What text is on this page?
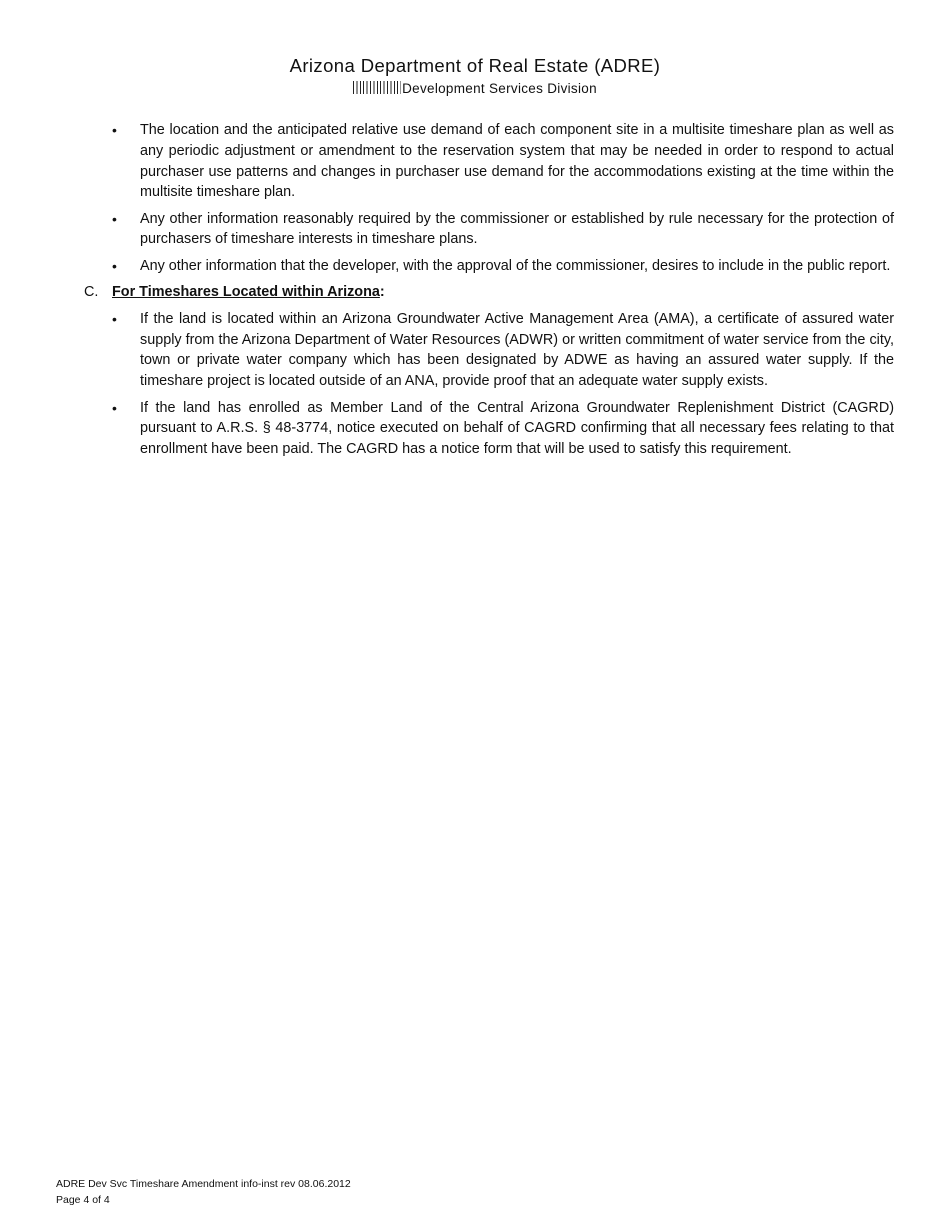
Arizona Department of Real Estate (ADRE)
Development Services Division
• The location and the anticipated relative use demand of each component site in a multisite timeshare plan as well as any periodic adjustment or amendment to the reservation system that may be needed in order to respond to actual purchaser use patterns and changes in purchaser use demand for the accommodations existing at the time within the multisite timeshare plan.
• Any other information reasonably required by the commissioner or established by rule necessary for the protection of purchasers of timeshare interests in timeshare plans.
• Any other information that the developer, with the approval of the commissioner, desires to include in the public report.
C. For Timeshares Located within Arizona:
• If the land is located within an Arizona Groundwater Active Management Area (AMA), a certificate of assured water supply from the Arizona Department of Water Resources (ADWR) or written commitment of water service from the city, town or private water company which has been designated by ADWE as having an assured water supply. If the timeshare project is located outside of an ANA, provide proof that an adequate water supply exists.
• If the land has enrolled as Member Land of the Central Arizona Groundwater Replenishment District (CAGRD) pursuant to A.R.S. § 48-3774, notice executed on behalf of CAGRD confirming that all necessary fees relating to that enrollment have been paid. The CAGRD has a notice form that will be used to satisfy this requirement.
ADRE Dev Svc Timeshare Amendment info-inst rev 08.06.2012
Page 4 of 4
